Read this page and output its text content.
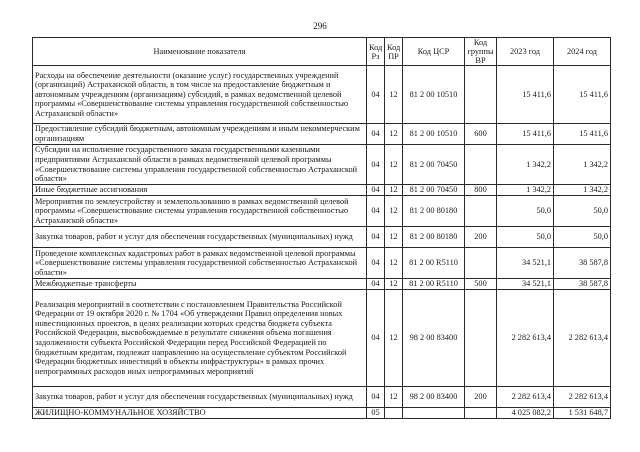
296
Наименование показателя	Код Рз	Код ПР	Код ЦСР	Код группы ВР	2023 год	2024 год
Расходы на обеспечение деятельности (оказание услуг) государственных учреждений (организаций) Астраханской области, в том числе на предоставление бюджетным и автономным учреждениям (организациям) субсидий, в рамках ведомственной целевой программы «Совершенствование системы управления государственной собственностью Астраханской области»	04	12	81 2 00 10510		15 411,6	15 411,6
Предоставление субсидий бюджетным, автономным учреждениям и иным некоммерческим организациям	04	12	81 2 00 10510	600	15 411,6	15 411,6
Субсидии на исполнение государственного заказа государственными казенными предприятиями Астраханской области в рамках ведомственной целевой программы «Совершенствование системы управления государственной собственностью Астраханской области»	04	12	81 2 00 70450		1 342,2	1 342,2
Иные бюджетные ассигнования	04	12	81 2 00 70450	800	1 342,2	1 342,2
Мероприятия по землеустройству и землепользованию в рамках ведомственной целевой программы «Совершенствование системы управления государственной собственностью Астраханской области»	04	12	81 2 00 80180		50,0	50,0
Закупка товаров, работ и услуг для обеспечения государственных (муниципальных) нужд	04	12	81 2 00 80180	200	50,0	50,0
Проведение комплексных кадастровых работ в рамках ведомственной целевой программы «Совершенствование системы управления государственной собственностью Астраханской области»	04	12	81 2 00 R5110		34 521,1	38 587,8
Межбюджетные трансферты	04	12	81 2 00 R5110	500	34 521,1	38 587,8
Реализация мероприятий в соответствии с постановлением Правительства Российской Федерации от 19 октября 2020 г. № 1704 «Об утверждении Правил определения новых инвестиционных проектов, в целях реализации которых средства бюджета субъекта Российской Федерации, высвобождаемые в результате снижения объема погашения задолженности субъекта Российской Федерации перед Российской Федерацией по бюджетным кредитам, подлежат направлению на осуществление субъектом Российской Федерации бюджетных инвестиций в объекты инфраструктуры» в рамках прочих непрограммных расходов иных непрограммных мероприятий	04	12	98 2 00 83400		2 282 613,4	2 282 613,4
Закупка товаров, работ и услуг для обеспечения государственных (муниципальных) нужд	04	12	98 2 00 83400	200	2 282 613,4	2 282 613,4
ЖИЛИЩНО-КОММУНАЛЬНОЕ ХОЗЯЙСТВО	05				4 025 082,2	1 531 648,7
